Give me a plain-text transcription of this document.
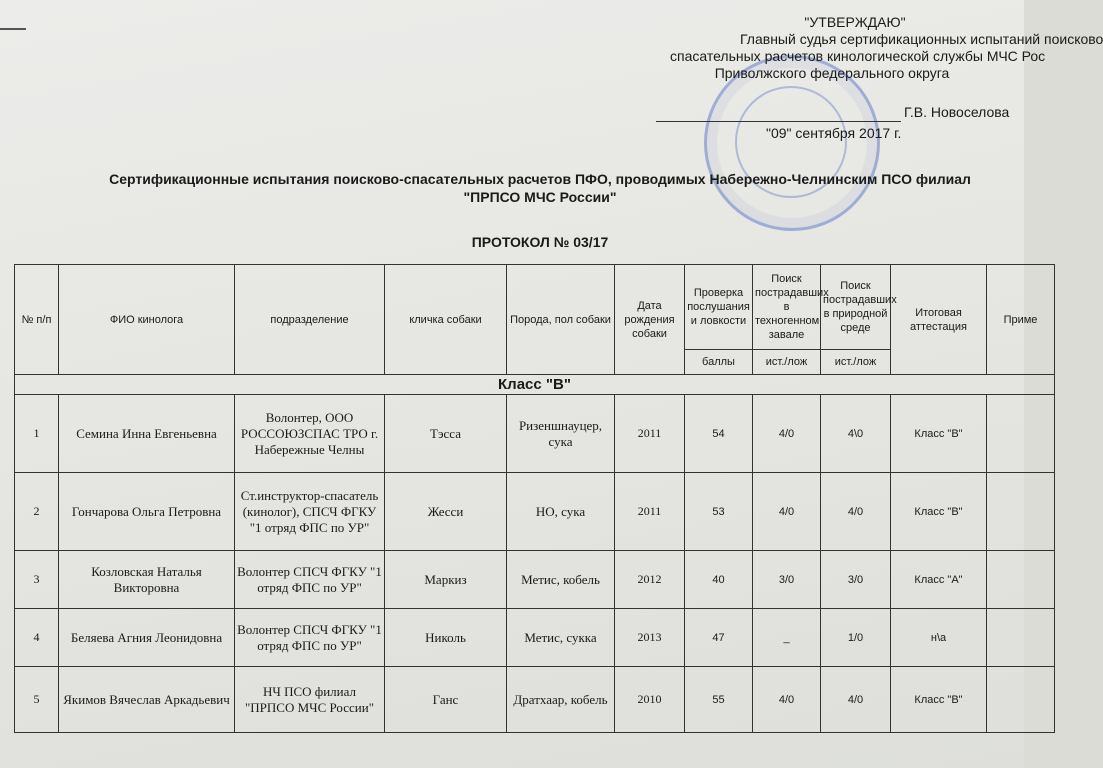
"УТВЕРЖДАЮ"
Главный судья сертификационных испытаний поисково
спасательных расчетов кинологической службы МЧС Рос
Приволжского федерального округа
Г.В. Новоселова
"09" сентября 2017 г.
Сертификационные испытания поисково-спасательных расчетов ПФО, проводимых Набережно-Челнинским ПСО филиал
"ПРПСО МЧС России"
ПРОТОКОЛ № 03/17
№ п/п	ФИО кинолога	подразделение	кличка собаки	Порода, пол собаки	Дата рождения собаки	Проверка послушания и ловкости	Поиск пострадавших в техногенном завале	Поиск пострадавших в природной среде	Итоговая аттестация	Приме
						баллы	ист./лож	ист./лож		
Класс "В"										
1	Семина Инна Евгеньевна	Волонтер, ООО РОССОЮЗСПАС ТРО г. Набережные Челны	Тэсса	Ризеншнауцер, сука	2011	54	4/0	4\0	Класс "В"	
2	Гончарова Ольга Петровна	Ст.инструктор-спасатель (кинолог), СПСЧ ФГКУ "1 отряд ФПС по УР"	Жесси	НО, сука	2011	53	4/0	4/0	Класс "В"	
3	Козловская Наталья Викторовна	Волонтер СПСЧ ФГКУ "1 отряд ФПС по УР"	Маркиз	Метис, кобель	2012	40	3/0	3/0	Класс "А"	
4	Беляева Агния Леонидовна	Волонтер СПСЧ ФГКУ "1 отряд ФПС по УР"	Николь	Метис, сукка	2013	47	_	1/0	н\а	
5	Якимов Вячеслав Аркадьевич	НЧ ПСО филиал "ПРПСО МЧС России"	Ганс	Дратхаар, кобель	2010	55	4/0	4/0	Класс "В"	
